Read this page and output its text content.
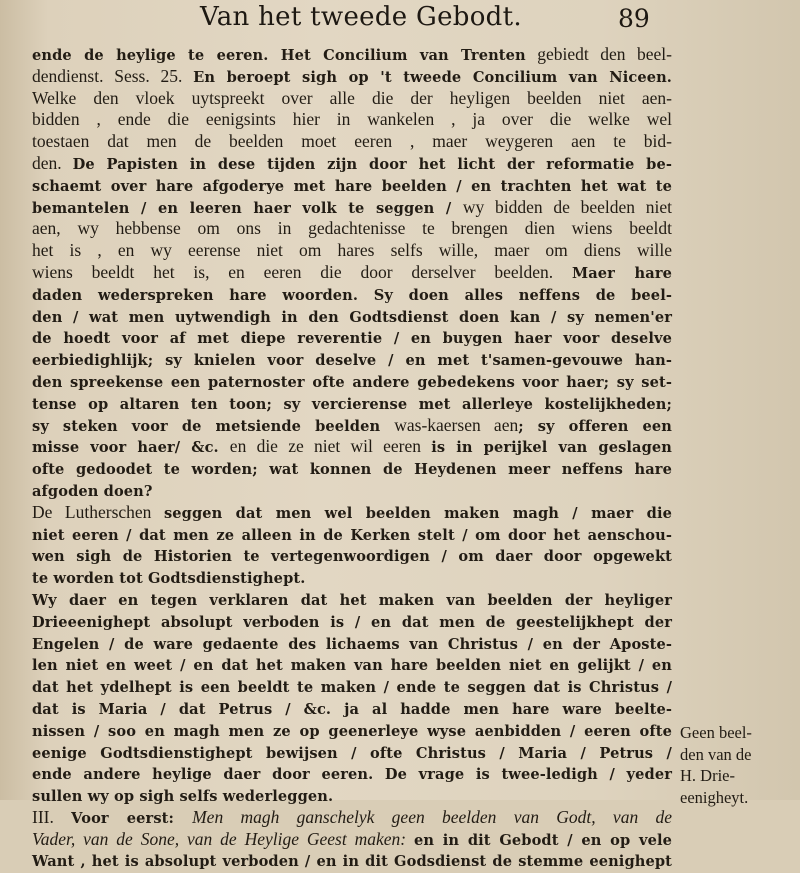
Van het tweede Gebodt.	89
ende de heylige te eeren. Het Concilium van Trenten gebiedt den beel-
dendienst. Sess. 25. En beroept sigh op 't tweede Concilium van Niceen.
Welke den vloek uytspreekt over alle die der heyligen beelden niet aen-
bidden , ende die eenigsints hier in wankelen , ja over die welke wel
toestaen dat men de beelden moet eeren , maer weygeren aen te bid-
den. De Papisten in dese tijden zijn door het licht der reformatie be-
schaemt over hare afgoderye met hare beelden / en trachten het wat te
bemantelen / en leeren haer volk te seggen / wy bidden de beelden niet
aen, wy hebbense om ons in gedachtenisse te brengen dien wiens beeldt
het is , en wy eerense niet om hares selfs wille, maer om diens wille
wiens beeldt het is, en eeren die door derselver beelden. Maer hare
daden wederspreken hare woorden. Sy doen alles neffens de beel-
den / wat men uytwendigh in den Godtsdienst doen kan / sy nemen'er
de hoedt voor af met diepe reverentie / en buygen haer voor deselve
eerbiedighlijk; sy knielen voor deselve / en met t'samen-gevouwe han-
den spreekense een paternoster ofte andere gebedekens voor haer; sy set-
tense op altaren ten toon; sy vercierense met allerleye kostelijkheden;
sy steken voor de metsiende beelden was-kaersen aen; sy offeren een
misse voor haer/ &c. en die ze niet wil eeren is in perijkel van geslagen
ofte gedoodet te worden; wat konnen de Heydenen meer neffens hare
afgoden doen?
De Lutherschen seggen dat men wel beelden maken magh / maer die
niet eeren / dat men ze alleen in de Kerken stelt / om door het aenschou-
wen sigh de Historien te vertegenwoordigen / om daer door opgewekt
te worden tot Godtsdienstighept.
Wy daer en tegen verklaren dat het maken van beelden der heyliger
Drieeenighept absolupt verboden is / en dat men de geestelijkhept der
Engelen / de ware gedaente des lichaems van Christus / en der Aposte-
len niet en weet / en dat het maken van hare beelden niet en gelijkt / en
dat het ydelhept is een beeldt te maken / ende te seggen dat is Christus /
dat is Maria / dat Petrus / &c. ja al hadde men hare ware beelte-
nissen / soo en magh men ze op geenerleye wyse aenbidden / eeren ofte
eenige Godtsdienstighept bewijsen / ofte Christus / Maria / Petrus /
ende andere heylige daer door eeren. De vrage is twee-ledigh / yeder
sullen wy op sigh selfs wederleggen.
III. Voor eerst: Men magh ganschelyk geen beelden van Godt, van de
Vader, van de Sone, van de Heylige Geest maken: en in dit Gebodt / en op vele
Want , het is absolupt verboden / en in dit Godsdienst de stemme eenighept
Geen beel-
den van de
H. Drie-
eenigheyt.
